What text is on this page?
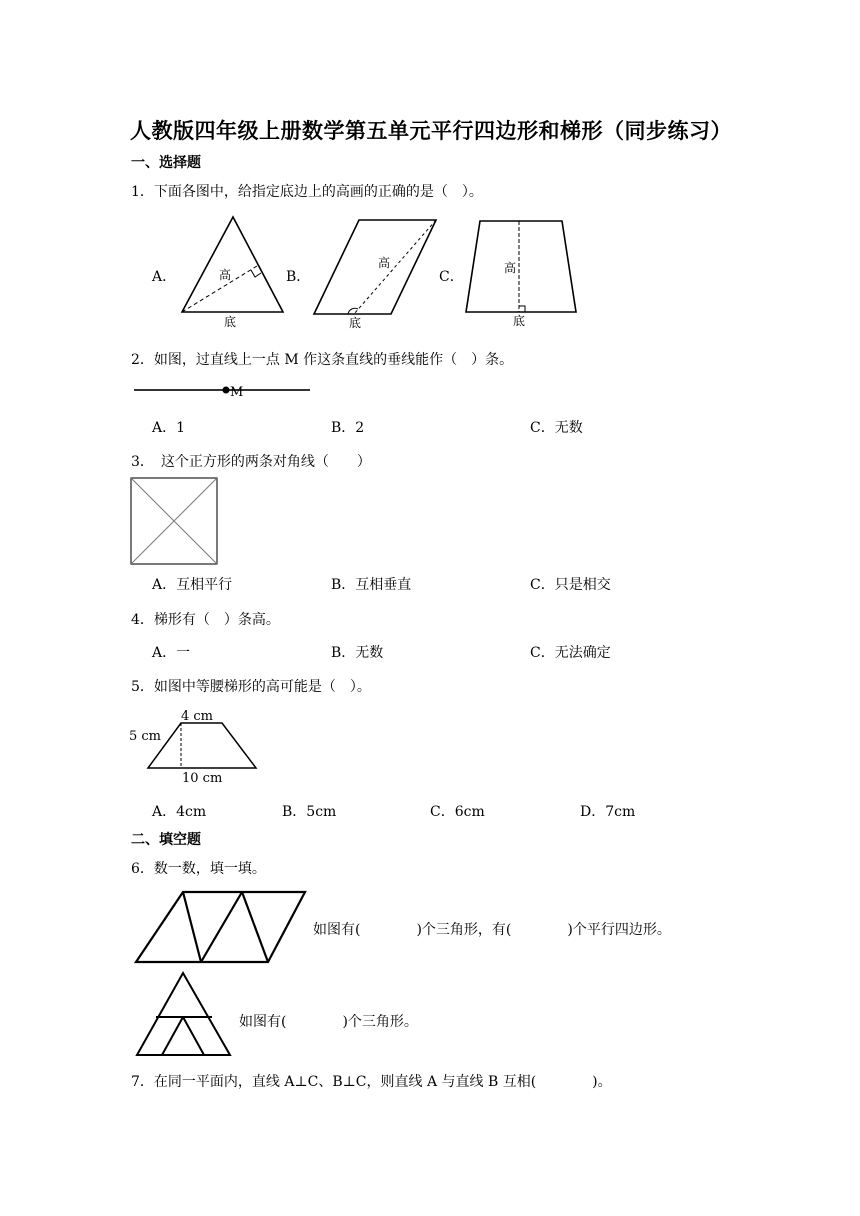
人教版四年级上册数学第五单元平行四边形和梯形（同步练习）
一、选择题
1．下面各图中，给指定底边上的高画的正确的是（　）。
A．	B．	C．
高
底
高
底
高
底
2．如图，过直线上一点 M 作这条直线的垂线能作（　）条。
M
A．1	B．2	C．无数
3．　这个正方形的两条对角线（　　）
A．互相平行	B．互相垂直	C．只是相交
4．梯形有（　）条高。
A．一	B．无数	C．无法确定
5．如图中等腰梯形的高可能是（　）。
4 cm
5 cm
10 cm
A．4cm	B．5cm	C．6cm	D．7cm
二、填空题
6．数一数，填一填。
如图有(　　　　)个三角形，有(　　　　)个平行四边形。
如图有(　　　　)个三角形。
7．在同一平面内，直线 A⊥C、B⊥C，则直线 A 与直线 B 互相(　　　　)。
